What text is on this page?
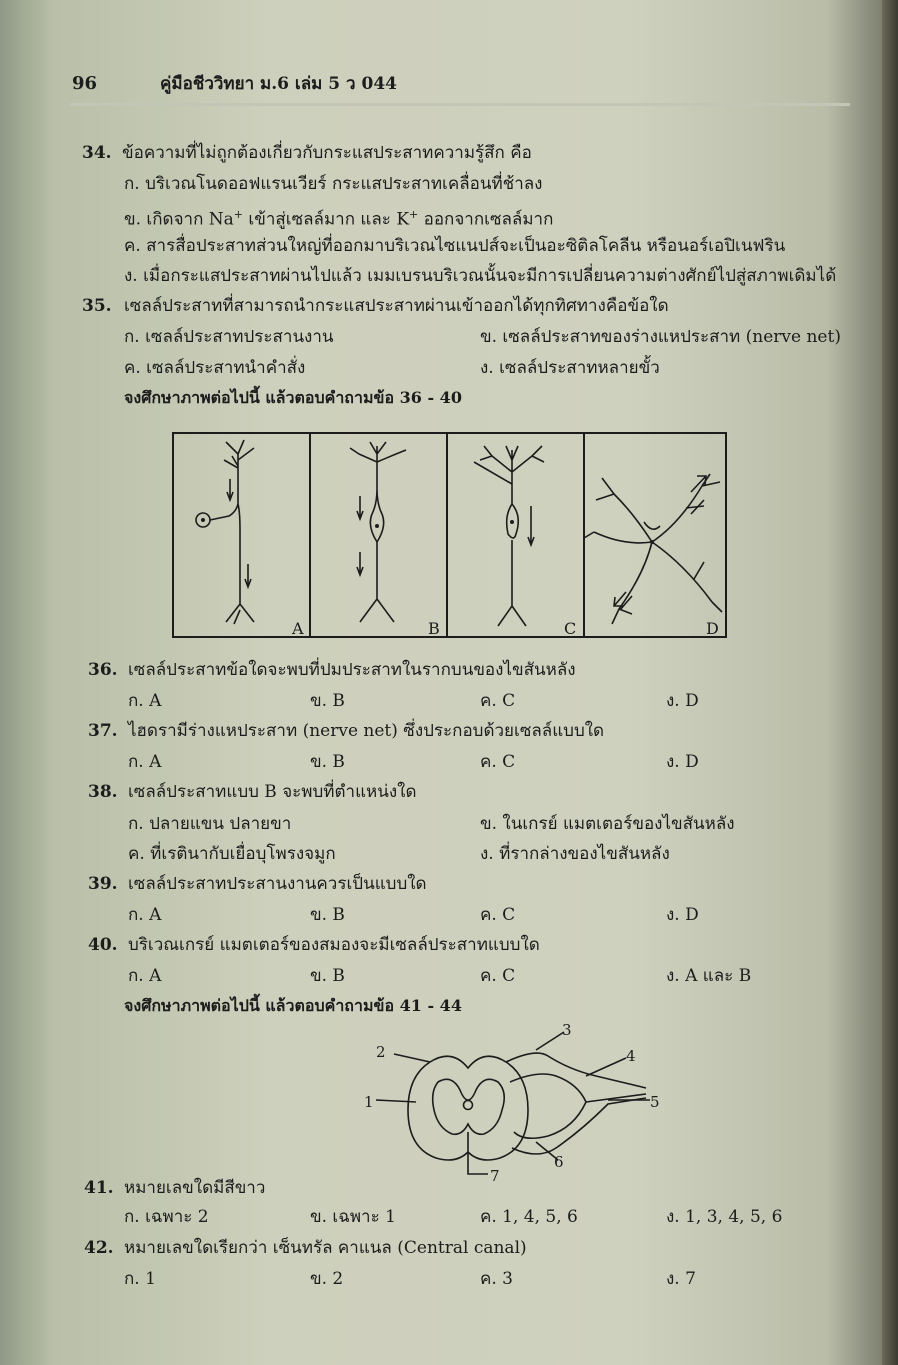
96	คู่มือชีววิทยา ม.6 เล่ม 5 ว 044
34. ข้อความที่ไม่ถูกต้องเกี่ยวกับกระแสประสาทความรู้สึก คือ
ก. บริเวณโนดออฟแรนเวียร์ กระแสประสาทเคลื่อนที่ช้าลง
ข. เกิดจาก Na+ เข้าสู่เซลล์มาก และ K+ ออกจากเซลล์มาก
ค. สารสื่อประสาทส่วนใหญ่ที่ออกมาบริเวณไซแนปส์จะเป็นอะซิติลโคลีน หรือนอร์เอปิเนฟริน
ง. เมื่อกระแสประสาทผ่านไปแล้ว เมมเบรนบริเวณนั้นจะมีการเปลี่ยนความต่างศักย์ไปสู่สภาพเดิมได้
35. เซลล์ประสาทที่สามารถนำกระแสประสาทผ่านเข้าออกได้ทุกทิศทางคือข้อใด
ก. เซลล์ประสาทประสานงาน	ข. เซลล์ประสาทของร่างแหประสาท (nerve net)
ค. เซลล์ประสาทนำคำสั่ง	ง. เซลล์ประสาทหลายขั้ว
จงศึกษาภาพต่อไปนี้ แล้วตอบคำถามข้อ 36 - 40
A	B	C	D
36. เซลล์ประสาทข้อใดจะพบที่ปมประสาทในรากบนของไขสันหลัง
ก. A	ข. B	ค. C	ง. D
37. ไฮดรามีร่างแหประสาท (nerve net) ซึ่งประกอบด้วยเซลล์แบบใด
ก. A	ข. B	ค. C	ง. D
38. เซลล์ประสาทแบบ B จะพบที่ตำแหน่งใด
ก. ปลายแขน ปลายขา	ข. ในเกรย์ แมตเตอร์ของไขสันหลัง
ค. ที่เรตินากับเยื่อบุโพรงจมูก	ง. ที่รากล่างของไขสันหลัง
39. เซลล์ประสาทประสานงานควรเป็นแบบใด
ก. A	ข. B	ค. C	ง. D
40. บริเวณเกรย์ แมตเตอร์ของสมองจะมีเซลล์ประสาทแบบใด
ก. A	ข. B	ค. C	ง. A และ B
จงศึกษาภาพต่อไปนี้ แล้วตอบคำถามข้อ 41 - 44
2
1
3
4
5
6
7
41. หมายเลขใดมีสีขาว
ก. เฉพาะ 2	ข. เฉพาะ 1	ค. 1, 4, 5, 6	ง. 1, 3, 4, 5, 6
42. หมายเลขใดเรียกว่า เซ็นทรัล คาแนล (Central canal)
ก. 1	ข. 2	ค. 3	ง. 7
